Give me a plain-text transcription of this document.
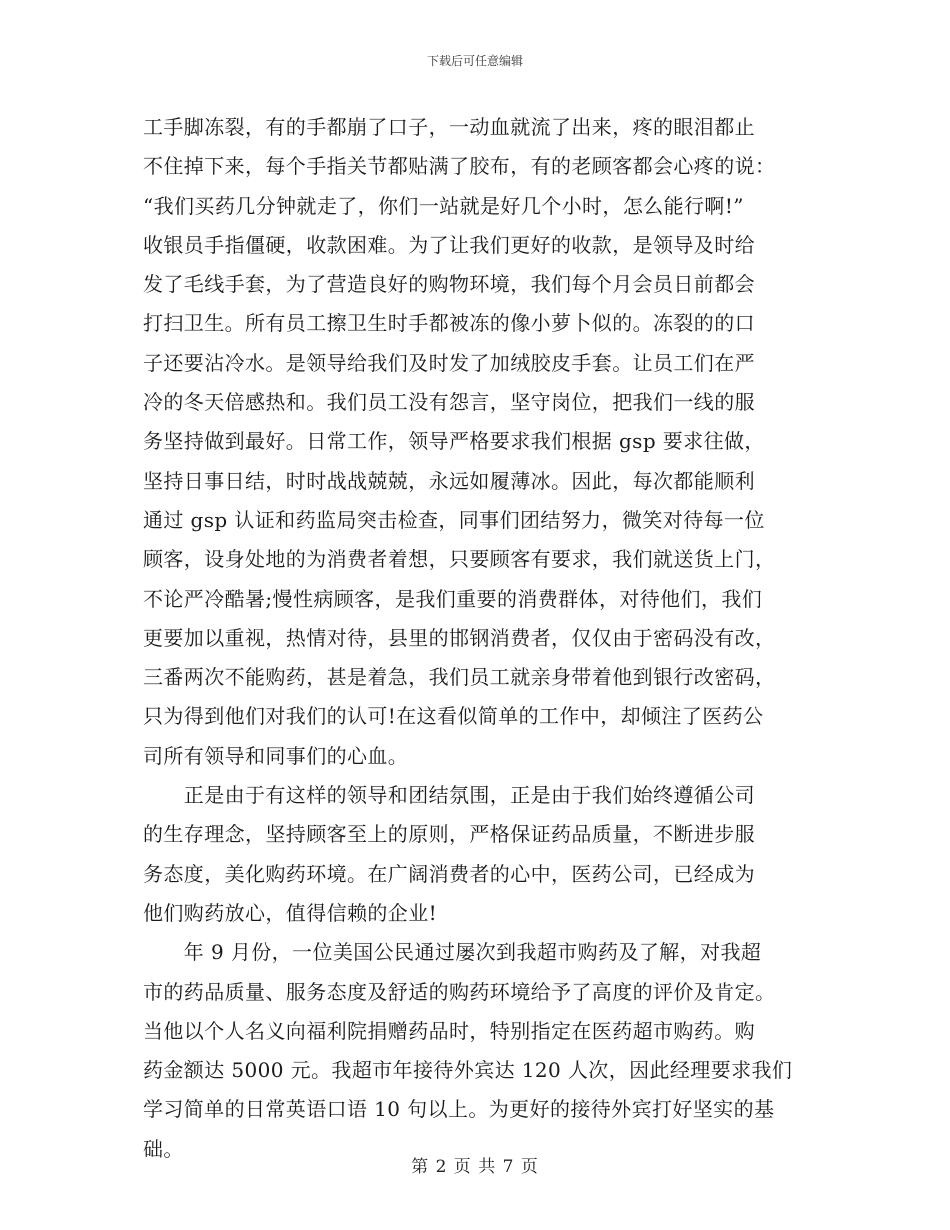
下载后可任意编辑
工手脚冻裂，有的手都崩了口子，一动血就流了出来，疼的眼泪都止
不住掉下来，每个手指关节都贴满了胶布，有的老顾客都会心疼的说：
“我们买药几分钟就走了，你们一站就是好几个小时，怎么能行啊!”
收银员手指僵硬，收款困难。为了让我们更好的收款，是领导及时给
发了毛线手套，为了营造良好的购物环境，我们每个月会员日前都会
打扫卫生。所有员工擦卫生时手都被冻的像小萝卜似的。冻裂的的口
子还要沾冷水。是领导给我们及时发了加绒胶皮手套。让员工们在严
冷的冬天倍感热和。我们员工没有怨言，坚守岗位，把我们一线的服
务坚持做到最好。日常工作，领导严格要求我们根据 gsp 要求往做，
坚持日事日结，时时战战兢兢，永远如履薄冰。因此，每次都能顺利
通过 gsp 认证和药监局突击检查，同事们团结努力，微笑对待每一位
顾客，设身处地的为消费者着想，只要顾客有要求，我们就送货上门，
不论严冷酷暑;慢性病顾客，是我们重要的消费群体，对待他们，我们
更要加以重视，热情对待，县里的邯钢消费者，仅仅由于密码没有改，
三番两次不能购药，甚是着急，我们员工就亲身带着他到银行改密码，
只为得到他们对我们的认可!在这看似简单的工作中，却倾注了医药公
司所有领导和同事们的心血。
　　正是由于有这样的领导和团结氛围，正是由于我们始终遵循公司
的生存理念，坚持顾客至上的原则，严格保证药品质量，不断进步服
务态度，美化购药环境。在广阔消费者的心中，医药公司，已经成为
他们购药放心，值得信赖的企业!
　　年 9 月份，一位美国公民通过屡次到我超市购药及了解，对我超
市的药品质量、服务态度及舒适的购药环境给予了高度的评价及肯定。
当他以个人名义向福利院捐赠药品时，特别指定在医药超市购药。购
药金额达 5000 元。我超市年接待外宾达 120 人次，因此经理要求我们
学习简单的日常英语口语 10 句以上。为更好的接待外宾打好坚实的基
础。
第 2 页 共 7 页
